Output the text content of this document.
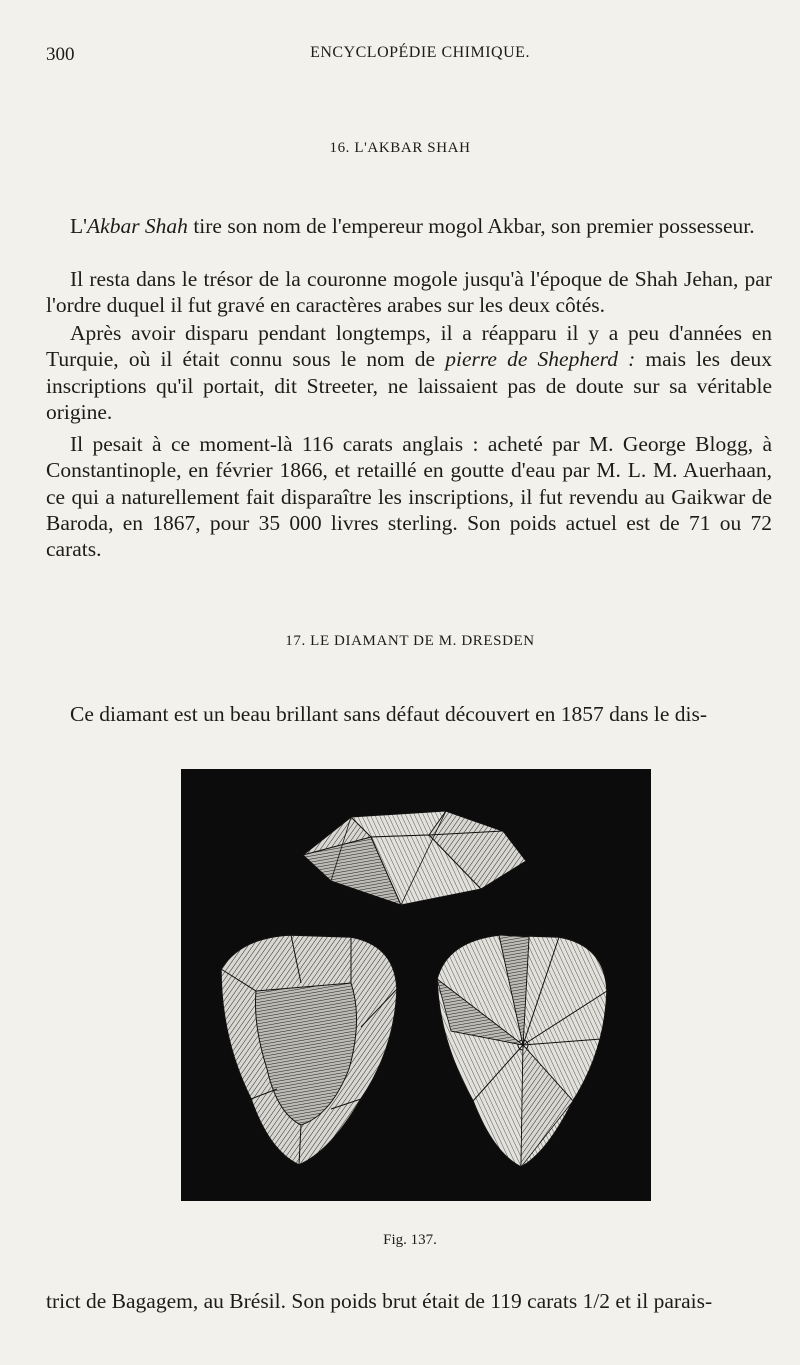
300	ENCYCLOPÉDIE CHIMIQUE.
16. L'AKBAR SHAH
L'Akbar Shah tire son nom de l'empereur mogol Akbar, son premier possesseur.
Il resta dans le trésor de la couronne mogole jusqu'à l'époque de Shah Jehan, par l'ordre duquel il fut gravé en caractères arabes sur les deux côtés.
Après avoir disparu pendant longtemps, il a réapparu il y a peu d'années en Turquie, où il était connu sous le nom de pierre de Shepherd : mais les deux inscriptions qu'il portait, dit Streeter, ne laissaient pas de doute sur sa véritable origine.
Il pesait à ce moment-là 116 carats anglais : acheté par M. George Blogg, à Constantinople, en février 1866, et retaillé en goutte d'eau par M. L. M. Auerhaan, ce qui a naturellement fait disparaître les inscriptions, il fut revendu au Gaikwar de Baroda, en 1867, pour 35 000 livres sterling. Son poids actuel est de 71 ou 72 carats.
17. LE DIAMANT DE M. DRESDEN
Ce diamant est un beau brillant sans défaut découvert en 1857 dans le dis-
Fig. 137.
trict de Bagagem, au Brésil. Son poids brut était de 119 carats 1/2 et il parais-
